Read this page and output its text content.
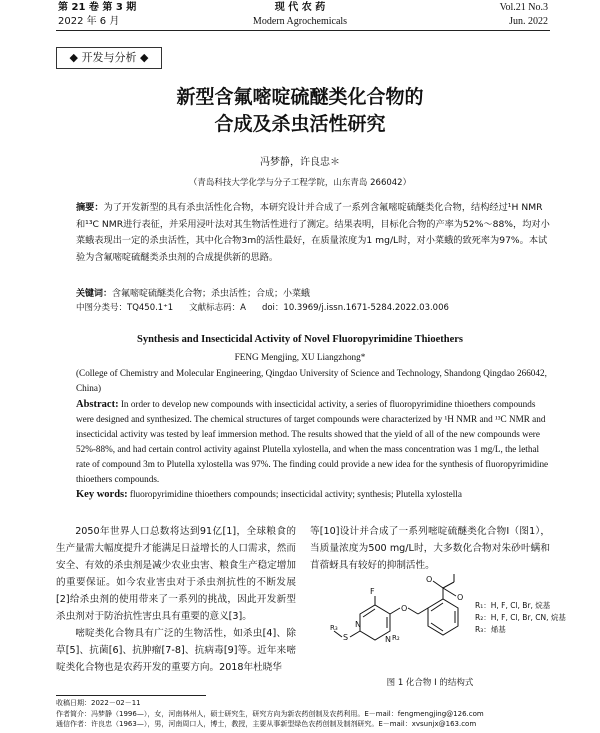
第 21 卷 第 3 期
2022 年 6 月
现 代 农 药
Modern Agrochemicals
Vol.21 No.3
Jun. 2022
◆ 开发与分析 ◆
新型含氟嘧啶硫醚类化合物的
合成及杀虫活性研究
冯梦静，许良忠＊
（青岛科技大学化学与分子工程学院，山东青岛 266042）
摘要：为了开发新型的具有杀虫活性化合物，本研究设计并合成了一系列含氟嘧啶硫醚类化合物，结构经过¹H NMR和¹³C NMR进行表征，并采用浸叶法对其生物活性进行了测定。结果表明，目标化合物的产率为52%～88%，均对小菜蛾表现出一定的杀虫活性，其中化合物3m的活性最好，在质量浓度为1 mg/L时，对小菜蛾的致死率为97%。本试验为含氟嘧啶硫醚类杀虫剂的合成提供新的思路。
关键词：含氟嘧啶硫醚类化合物；杀虫活性；合成；小菜蛾
中图分类号：TQ450.1⁺1 文献标志码：A doi：10.3969/j.issn.1671-5284.2022.03.006
Synthesis and Insecticidal Activity of Novel Fluoropyrimidine Thioethers
FENG Mengjing, XU Liangzhong*
(College of Chemistry and Molecular Engineering, Qingdao University of Science and Technology, Shandong Qingdao 266042, China)
Abstract: In order to develop new compounds with insecticidal activity, a series of fluoropyrimidine thioethers compounds were designed and synthesized. The chemical structures of target compounds were characterized by ¹H NMR and ¹³C NMR and insecticidal activity was tested by leaf immersion method. The results showed that the yield of all of the new compounds were 52%-88%, and had certain control activity against Plutella xylostella, and when the mass concentration was 1 mg/L, the lethal rate of compound 3m to Plutella xylostella was 97%. The finding could provide a new idea for the synthesis of fluoropyrimidine thioethers compounds.
Key words: fluoropyrimidine thioethers compounds; insecticidal activity; synthesis; Plutella xylostella

2050年世界人口总数将达到91亿[1]，全球粮食的生产量需大幅度提升才能满足日益增长的人口需求，然而安全、有效的杀虫剂是减少农业虫害、粮食生产稳定增加的重要保证。如今农业害虫对于杀虫剂抗性的不断发展[2]给杀虫剂的使用带来了一系列的挑战，因此开发新型杀虫剂对于防治抗性害虫具有重要的意义[3]。

嘧啶类化合物具有广泛的生物活性，如杀虫[4]、除草[5]、抗菌[6]、抗肿瘤[7-8]、抗病毒[9]等。近年来嘧啶类化合物也是农药开发的重要方向。2018年杜晓华

等[10]设计并合成了一系列嘧啶硫醚类化合物I（图1），当质量浓度为500 mg/L时，大多数化合物对朱砂叶螨和苜蓿蚜具有较好的抑制活性。

N
N
S
O
O
O
F
R₂
R₃
R₁：H, F, Cl, Br, 烷基
R₂：H, F, Cl, Br, CN, 烷基
R₃：烯基
图 1 化合物 I 的结构式
收稿日期：2022－02－11
作者简介：冯梦静（1996—），女，河南林州人，硕士研究生，研究方向为新农药创制及农药利用。E－mail：fengmengjing@126.com
通信作者：许良忠（1963—），男，河南周口人，博士，教授，主要从事新型绿色农药创制及制剂研究。E－mail：xvsunjx@163.com
